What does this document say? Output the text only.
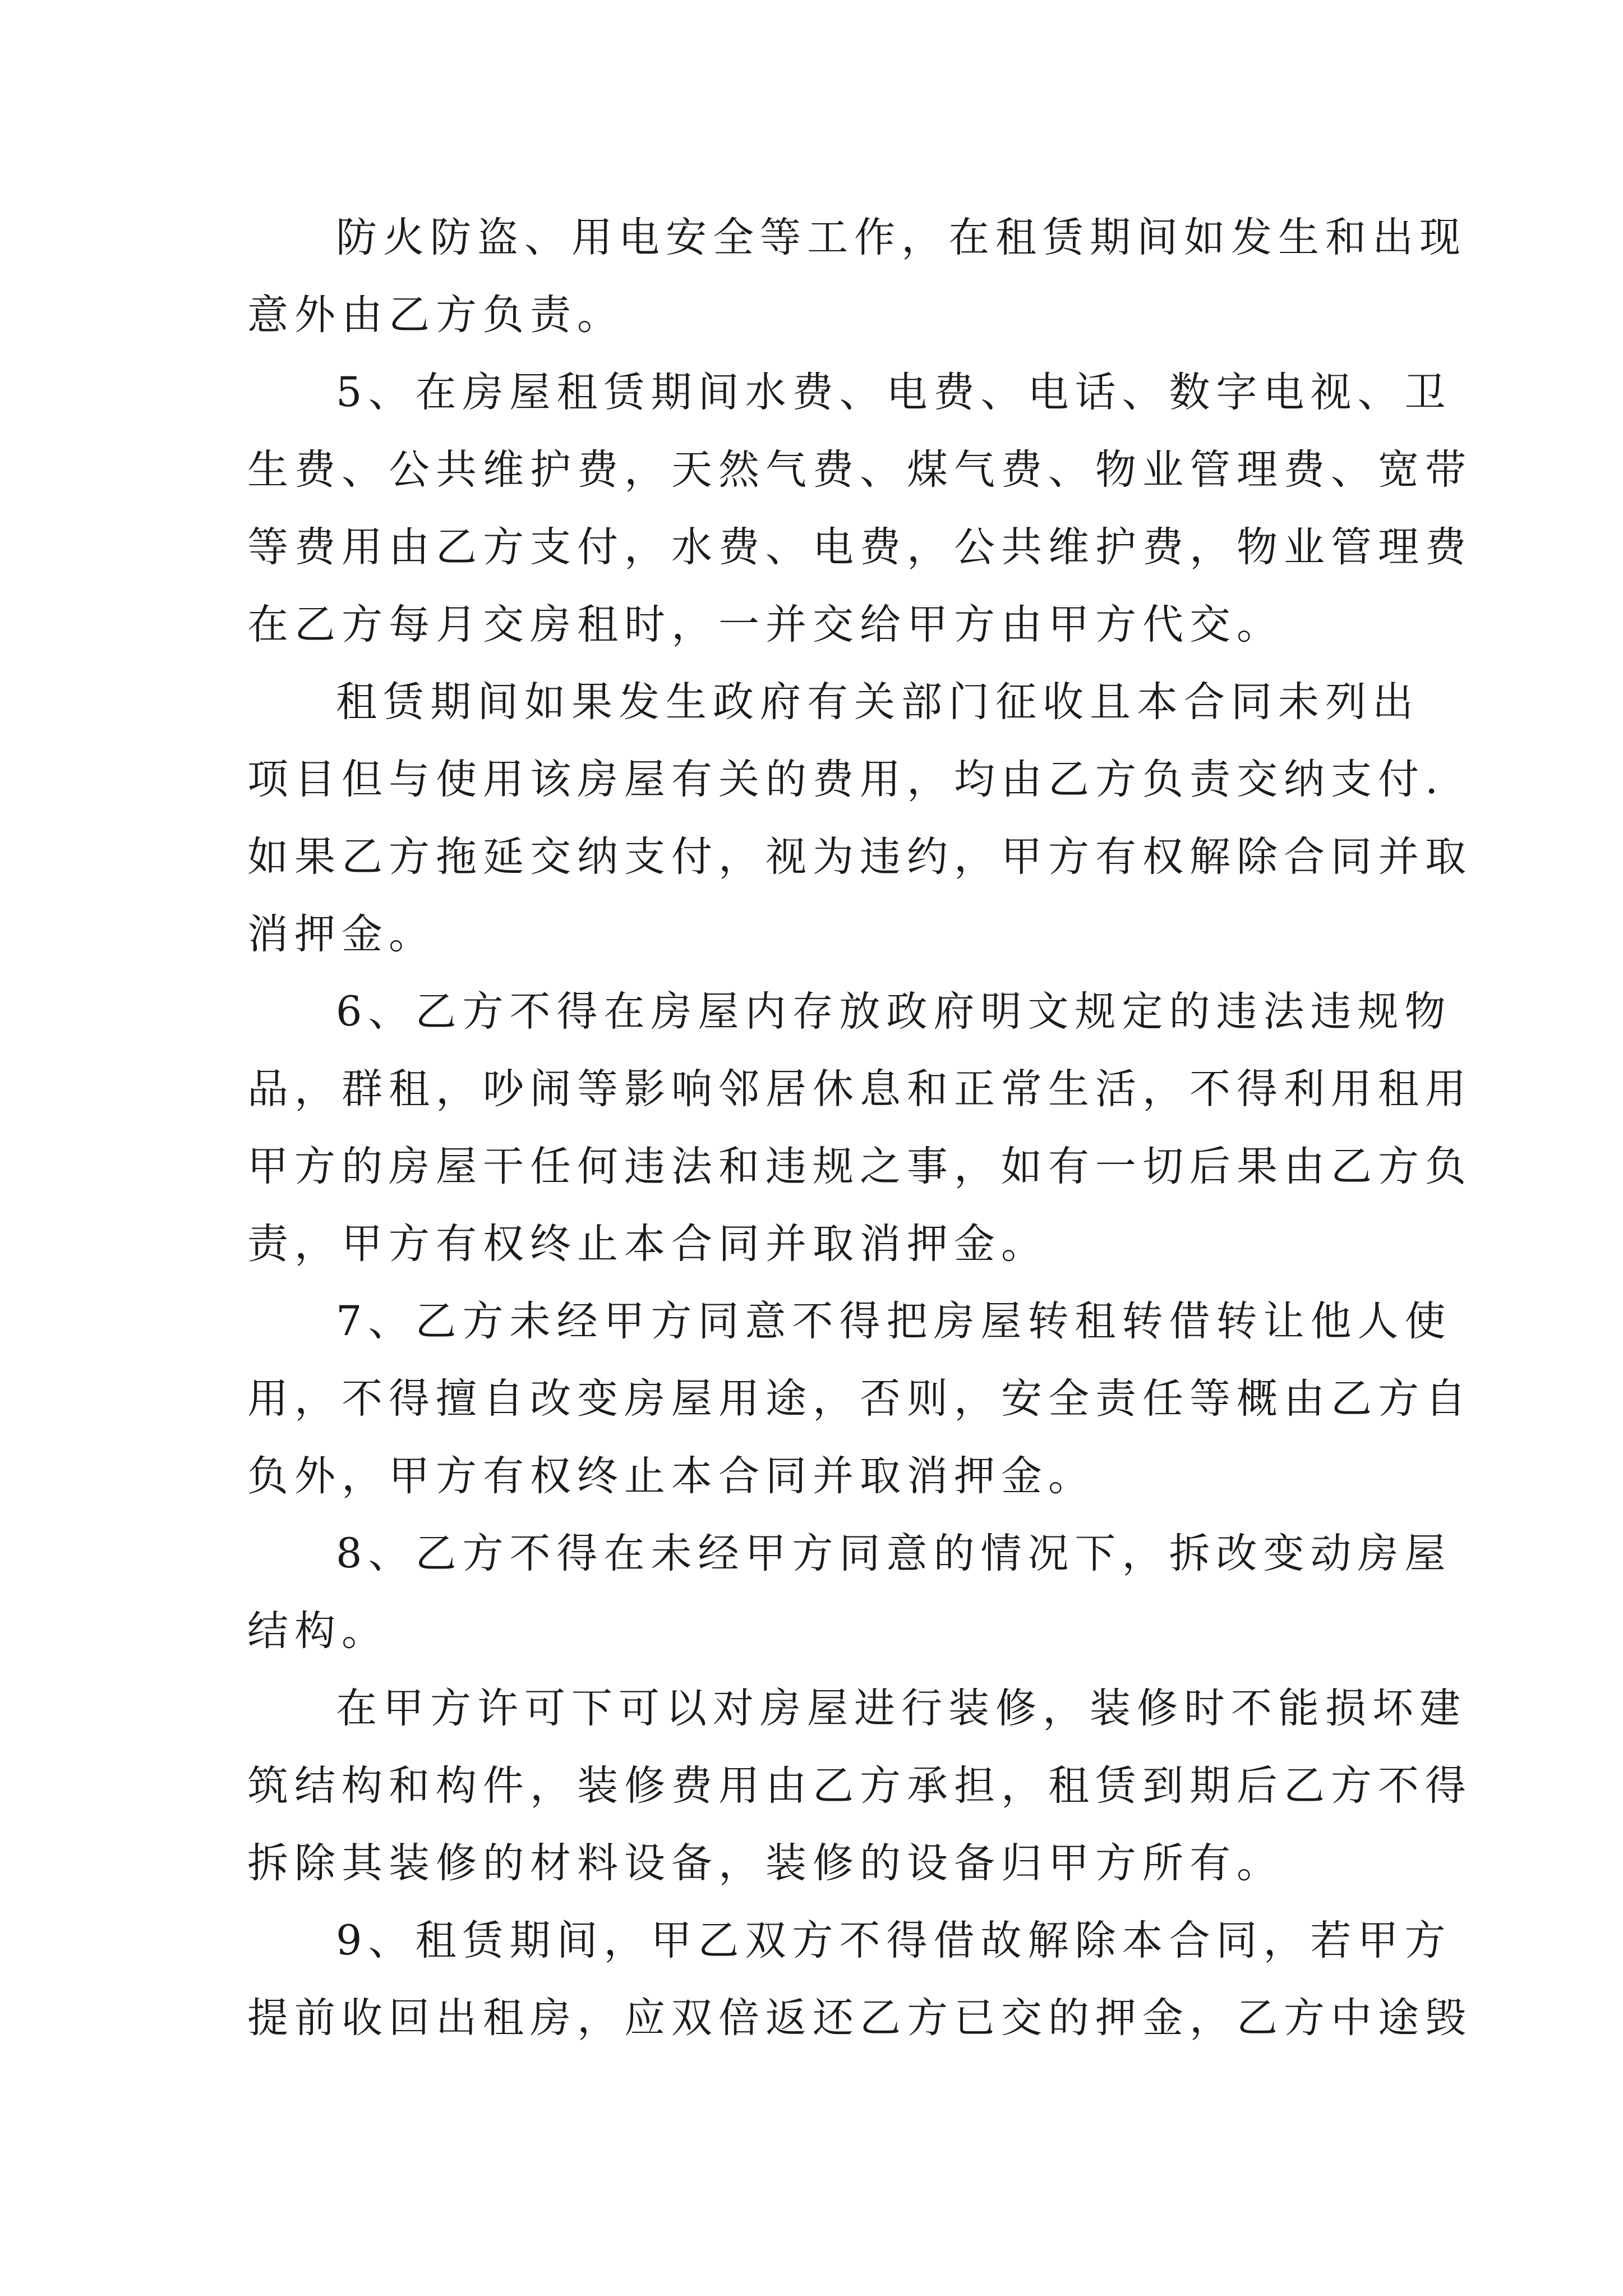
防火防盗、用电安全等工作，在租赁期间如发生和出现
意外由乙方负责。

5、在房屋租赁期间水费、电费、电话、数字电视、卫
生费、公共维护费，天然气费、煤气费、物业管理费、宽带
等费用由乙方支付，水费、电费，公共维护费，物业管理费
在乙方每月交房租时，一并交给甲方由甲方代交。

租赁期间如果发生政府有关部门征收且本合同未列出
项目但与使用该房屋有关的费用，均由乙方负责交纳支付.
如果乙方拖延交纳支付，视为违约，甲方有权解除合同并取
消押金。

6、乙方不得在房屋内存放政府明文规定的违法违规物
品，群租，吵闹等影响邻居休息和正常生活，不得利用租用
甲方的房屋干任何违法和违规之事，如有一切后果由乙方负
责，甲方有权终止本合同并取消押金。

7、乙方未经甲方同意不得把房屋转租转借转让他人使
用，不得擅自改变房屋用途，否则，安全责任等概由乙方自
负外，甲方有权终止本合同并取消押金。

8、乙方不得在未经甲方同意的情况下，拆改变动房屋
结构。

在甲方许可下可以对房屋进行装修，装修时不能损坏建
筑结构和构件，装修费用由乙方承担，租赁到期后乙方不得
拆除其装修的材料设备，装修的设备归甲方所有。

9、租赁期间，甲乙双方不得借故解除本合同，若甲方
提前收回出租房，应双倍返还乙方已交的押金，乙方中途毁
